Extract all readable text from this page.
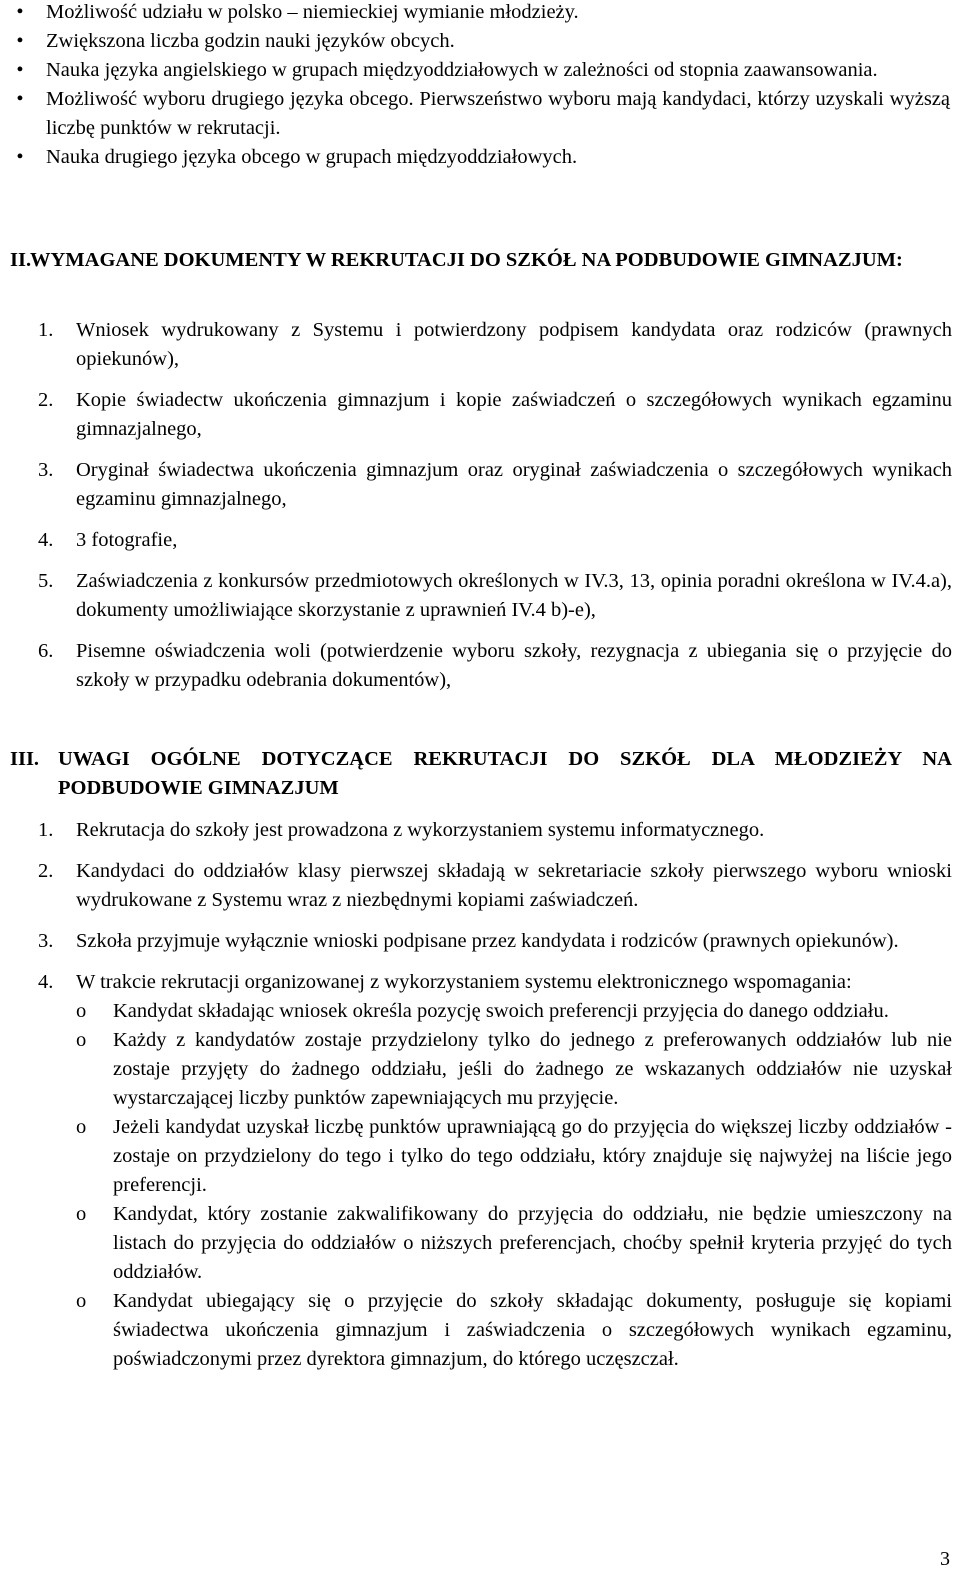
•	Możliwość udziału w polsko – niemieckiej wymianie młodzieży.
•	Zwiększona liczba godzin nauki języków obcych.
•	Nauka języka angielskiego w grupach międzyoddziałowych w zależności od stopnia zaawansowania.
•	Możliwość wyboru drugiego języka obcego. Pierwszeństwo wyboru mają kandydaci, którzy uzyskali wyższą liczbę punktów w rekrutacji.
•	Nauka drugiego języka obcego w grupach międzyoddziałowych.
II.
WYMAGANE DOKUMENTY W REKRUTACJI DO SZKÓŁ NA PODBUDOWIE GIMNAZJUM:
1. Wniosek wydrukowany z Systemu i potwierdzony podpisem kandydata oraz rodziców (prawnych opiekunów),
2. Kopie świadectw ukończenia gimnazjum i kopie zaświadczeń o szczegółowych wynikach egzaminu gimnazjalnego,
3. Oryginał świadectwa ukończenia gimnazjum oraz oryginał zaświadczenia o szczegółowych wynikach egzaminu gimnazjalnego,
4. 3 fotografie,
5. Zaświadczenia z konkursów przedmiotowych określonych w IV.3, 13, opinia poradni określona w IV.4.a), dokumenty umożliwiające skorzystanie z uprawnień IV.4 b)-e),
6. Pisemne oświadczenia woli (potwierdzenie wyboru szkoły, rezygnacja z ubiegania się o przyjęcie do szkoły w przypadku odebrania dokumentów),
III. UWAGI OGÓLNE DOTYCZĄCE REKRUTACJI DO SZKÓŁ DLA MŁODZIEŻY NA PODBUDOWIE GIMNAZJUM
1. Rekrutacja do szkoły jest prowadzona z wykorzystaniem systemu informatycznego.
2. Kandydaci do oddziałów klasy pierwszej składają w sekretariacie szkoły pierwszego wyboru wnioski wydrukowane z Systemu wraz z niezbędnymi kopiami zaświadczeń.
3. Szkoła przyjmuje wyłącznie wnioski podpisane przez kandydata i rodziców (prawnych opiekunów).
4. W trakcie rekrutacji organizowanej z wykorzystaniem systemu elektronicznego wspomagania:
o Kandydat składając wniosek określa pozycję swoich preferencji przyjęcia do danego oddziału.
o Każdy z kandydatów zostaje przydzielony tylko do jednego z preferowanych oddziałów lub nie zostaje przyjęty do żadnego oddziału, jeśli do żadnego ze wskazanych oddziałów nie uzyskał wystarczającej liczby punktów zapewniających mu przyjęcie.
o Jeżeli kandydat uzyskał liczbę punktów uprawniającą go do przyjęcia do większej liczby oddziałów - zostaje on przydzielony do tego i tylko do tego oddziału, który znajduje się najwyżej na liście jego preferencji.
o Kandydat, który zostanie zakwalifikowany do przyjęcia do oddziału, nie będzie umieszczony na listach do przyjęcia do oddziałów o niższych preferencjach, choćby spełnił kryteria przyjęć do tych oddziałów.
o Kandydat ubiegający się o przyjęcie do szkoły składając dokumenty, posługuje się kopiami świadectwa ukończenia gimnazjum i zaświadczenia o szczegółowych wynikach egzaminu, poświadczonymi przez dyrektora gimnazjum, do którego uczęszczał.
3
